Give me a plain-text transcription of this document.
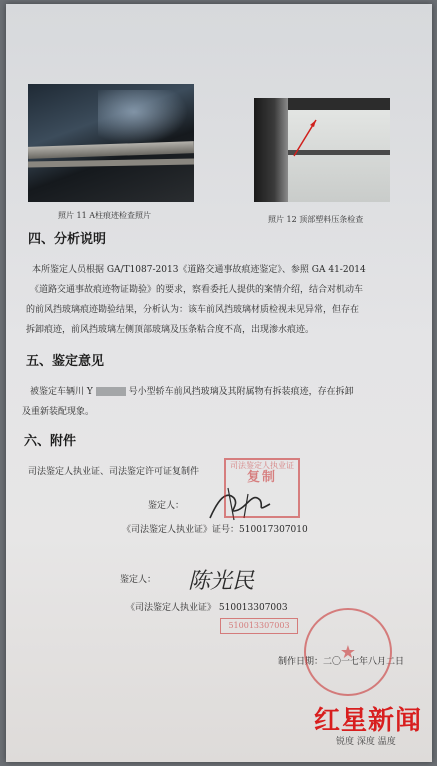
照片 11 A柱痕迹检查照片	照片 12 顶部塑料压条检查
四、分析说明
本所鉴定人员根据 GA/T1087-2013《道路交通事故痕迹鉴定》、参照 GA 41-2014
《道路交通事故痕迹物证勘验》的要求，察看委托人提供的案情介绍，结合对机动车
的前风挡玻璃痕迹勘验结果，分析认为：该车前风挡玻璃材质检视未见异常，但存在
拆卸痕迹，前风挡玻璃左侧顶部玻璃及压条粘合度不高，出现渗水痕迹。
五、鉴定意见
被鉴定车辆川 Y	号小型轿车前风挡玻璃及其附属物有拆装痕迹，存在拆卸
及重新装配现象。
六、附件
司法鉴定人执业证、司法鉴定许可证复制件
鉴定人：
《司法鉴定人执业证》证号：510017307010
鉴定人： 陈光民
《司法鉴定人执业证》 510013307003
制作日期：二〇一七年八月二日
司法鉴定人执业证
复制
510013307003
★
红星新闻
锐度 深度 温度
